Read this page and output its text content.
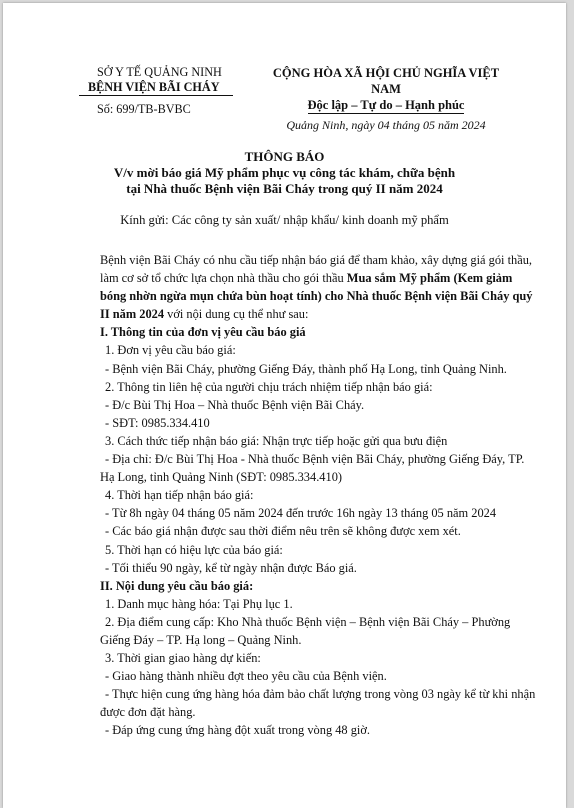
SỞ Y TẾ QUẢNG NINH
BỆNH VIỆN BÃI CHÁY
Số: 699/TB-BVBC
CỘNG HÒA XÃ HỘI CHỦ NGHĨA VIỆT NAM
Độc lập – Tự do – Hạnh phúc
Quảng Ninh, ngày 04 tháng 05 năm 2024
THÔNG BÁO
V/v mời báo giá Mỹ phẩm phục vụ công tác khám, chữa bệnh
tại Nhà thuốc Bệnh viện Bãi Cháy trong quý II năm 2024
Kính gửi: Các công ty sản xuất/ nhập khẩu/ kinh doanh mỹ phẩm

Bệnh viện Bãi Cháy có nhu cầu tiếp nhận báo giá để tham khảo, xây dựng giá gói thầu, làm cơ sở tổ chức lựa chọn nhà thầu cho gói thầu Mua sắm Mỹ phẩm (Kem giảm bóng nhờn ngừa mụn chứa bùn hoạt tính) cho Nhà thuốc Bệnh viện Bãi Cháy quý II năm 2024 với nội dung cụ thể như sau:

I. Thông tin của đơn vị yêu cầu báo giá

1. Đơn vị yêu cầu báo giá:

- Bệnh viện Bãi Cháy, phường Giếng Đáy, thành phố Hạ Long, tỉnh Quảng Ninh.

2. Thông tin liên hệ của người chịu trách nhiệm tiếp nhận báo giá:

- Đ/c Bùi Thị Hoa – Nhà thuốc Bệnh viện Bãi Cháy.

- SĐT: 0985.334.410

3. Cách thức tiếp nhận báo giá: Nhận trực tiếp hoặc gửi qua bưu điện

- Địa chỉ: Đ/c Bùi Thị Hoa - Nhà thuốc Bệnh viện Bãi Cháy, phường Giếng Đáy, TP. Hạ Long, tỉnh Quảng Ninh (SĐT: 0985.334.410)

4. Thời hạn tiếp nhận báo giá:

- Từ 8h ngày 04 tháng 05 năm 2024 đến trước 16h ngày 13 tháng 05 năm 2024

- Các báo giá nhận được sau thời điểm nêu trên sẽ không được xem xét.

5. Thời hạn có hiệu lực của báo giá:

- Tối thiểu 90 ngày, kể từ ngày nhận được Báo giá.

II. Nội dung yêu cầu báo giá:

1. Danh mục hàng hóa: Tại Phụ lục 1.

2. Địa điểm cung cấp: Kho Nhà thuốc Bệnh viện – Bệnh viện Bãi Cháy – Phường Giếng Đáy – TP. Hạ long – Quảng Ninh.

3. Thời gian giao hàng dự kiến:

- Giao hàng thành nhiều đợt theo yêu cầu của Bệnh viện.

- Thực hiện cung ứng hàng hóa đảm bảo chất lượng trong vòng 03 ngày kể từ khi nhận được đơn đặt hàng.

- Đáp ứng cung ứng hàng đột xuất trong vòng 48 giờ.
